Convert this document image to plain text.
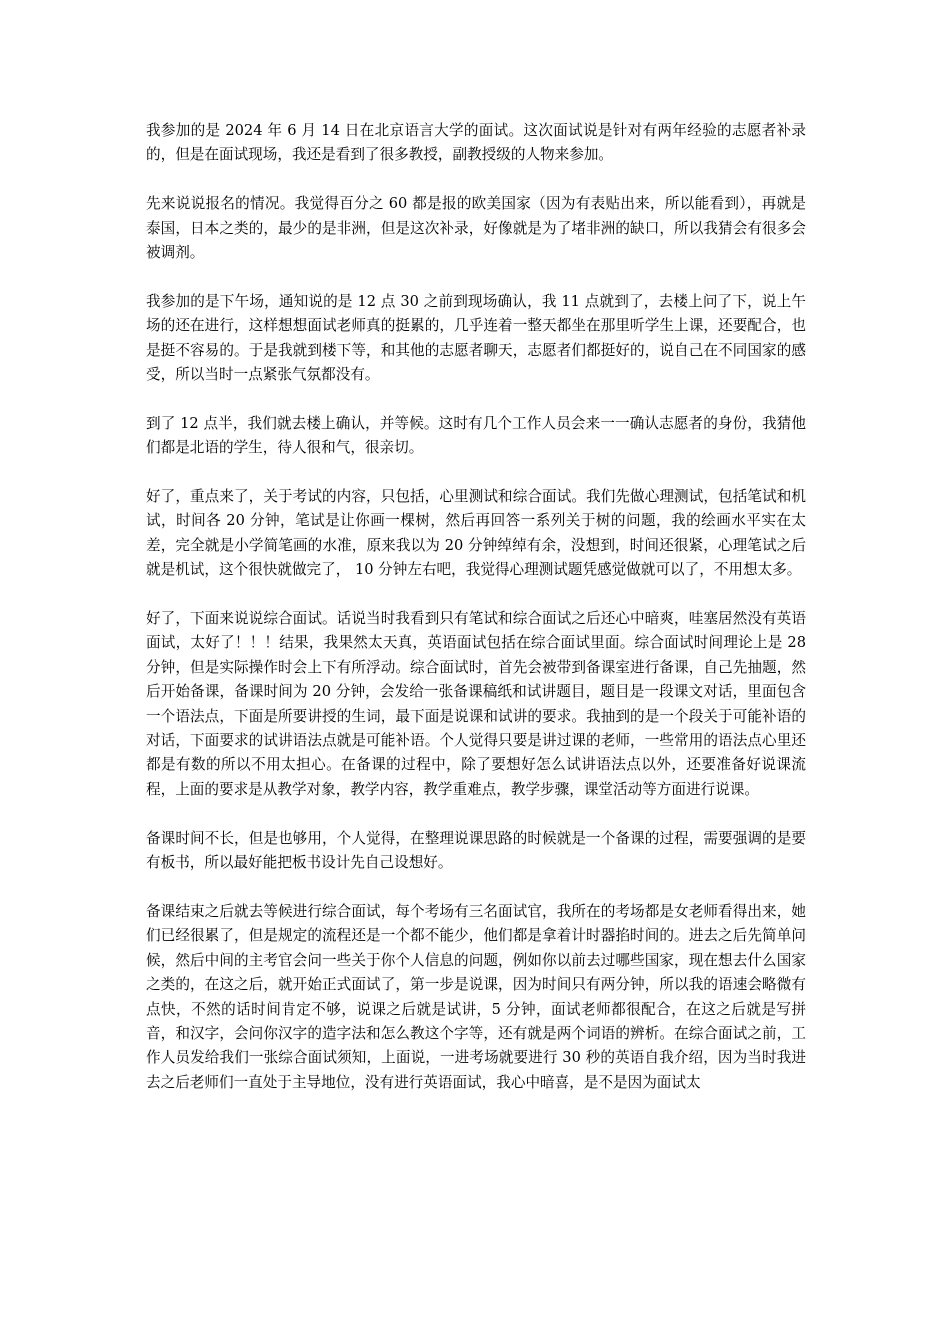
我参加的是 2024 年 6 月 14 日在北京语言大学的面试。这次面试说是针对有两年经验的志愿者补录的，但是在面试现场，我还是看到了很多教授，副教授级的人物来参加。

先来说说报名的情况。我觉得百分之 60 都是报的欧美国家（因为有表贴出来，所以能看到），再就是泰国，日本之类的，最少的是非洲，但是这次补录，好像就是为了堵非洲的缺口，所以我猜会有很多会被调剂。

我参加的是下午场，通知说的是 12 点 30 之前到现场确认，我 11 点就到了，去楼上问了下，说上午场的还在进行，这样想想面试老师真的挺累的，几乎连着一整天都坐在那里听学生上课，还要配合，也是挺不容易的。于是我就到楼下等，和其他的志愿者聊天，志愿者们都挺好的，说自己在不同国家的感受，所以当时一点紧张气氛都没有。

到了 12 点半，我们就去楼上确认，并等候。这时有几个工作人员会来一一确认志愿者的身份，我猜他们都是北语的学生，待人很和气，很亲切。

好了，重点来了，关于考试的内容，只包括，心里测试和综合面试。我们先做心理测试，包括笔试和机试，时间各 20 分钟，笔试是让你画一棵树，然后再回答一系列关于树的问题，我的绘画水平实在太差，完全就是小学简笔画的水准，原来我以为 20 分钟绰绰有余，没想到，时间还很紧，心理笔试之后就是机试，这个很快就做完了， 10 分钟左右吧，我觉得心理测试题凭感觉做就可以了，不用想太多。

好了，下面来说说综合面试。话说当时我看到只有笔试和综合面试之后还心中暗爽，哇塞居然没有英语面试，太好了！！！结果，我果然太天真，英语面试包括在综合面试里面。综合面试时间理论上是 28 分钟，但是实际操作时会上下有所浮动。综合面试时，首先会被带到备课室进行备课，自己先抽题，然后开始备课，备课时间为 20 分钟，会发给一张备课稿纸和试讲题目，题目是一段课文对话，里面包含一个语法点，下面是所要讲授的生词，最下面是说课和试讲的要求。我抽到的是一个段关于可能补语的对话，下面要求的试讲语法点就是可能补语。个人觉得只要是讲过课的老师，一些常用的语法点心里还都是有数的所以不用太担心。在备课的过程中，除了要想好怎么试讲语法点以外，还要准备好说课流程，上面的要求是从教学对象，教学内容，教学重难点，教学步骤，课堂活动等方面进行说课。

备课时间不长，但是也够用，个人觉得，在整理说课思路的时候就是一个备课的过程，需要强调的是要有板书，所以最好能把板书设计先自己设想好。

备课结束之后就去等候进行综合面试，每个考场有三名面试官，我所在的考场都是女老师看得出来，她们已经很累了，但是规定的流程还是一个都不能少，他们都是拿着计时器掐时间的。进去之后先简单问候，然后中间的主考官会问一些关于你个人信息的问题，例如你以前去过哪些国家，现在想去什么国家之类的，在这之后，就开始正式面试了，第一步是说课，因为时间只有两分钟，所以我的语速会略微有点快，不然的话时间肯定不够，说课之后就是试讲，5 分钟，面试老师都很配合，在这之后就是写拼音，和汉字，会问你汉字的造字法和怎么教这个字等，还有就是两个词语的辨析。在综合面试之前，工作人员发给我们一张综合面试须知，上面说，一进考场就要进行 30 秒的英语自我介绍，因为当时我进去之后老师们一直处于主导地位，没有进行英语面试，我心中暗喜，是不是因为面试太
